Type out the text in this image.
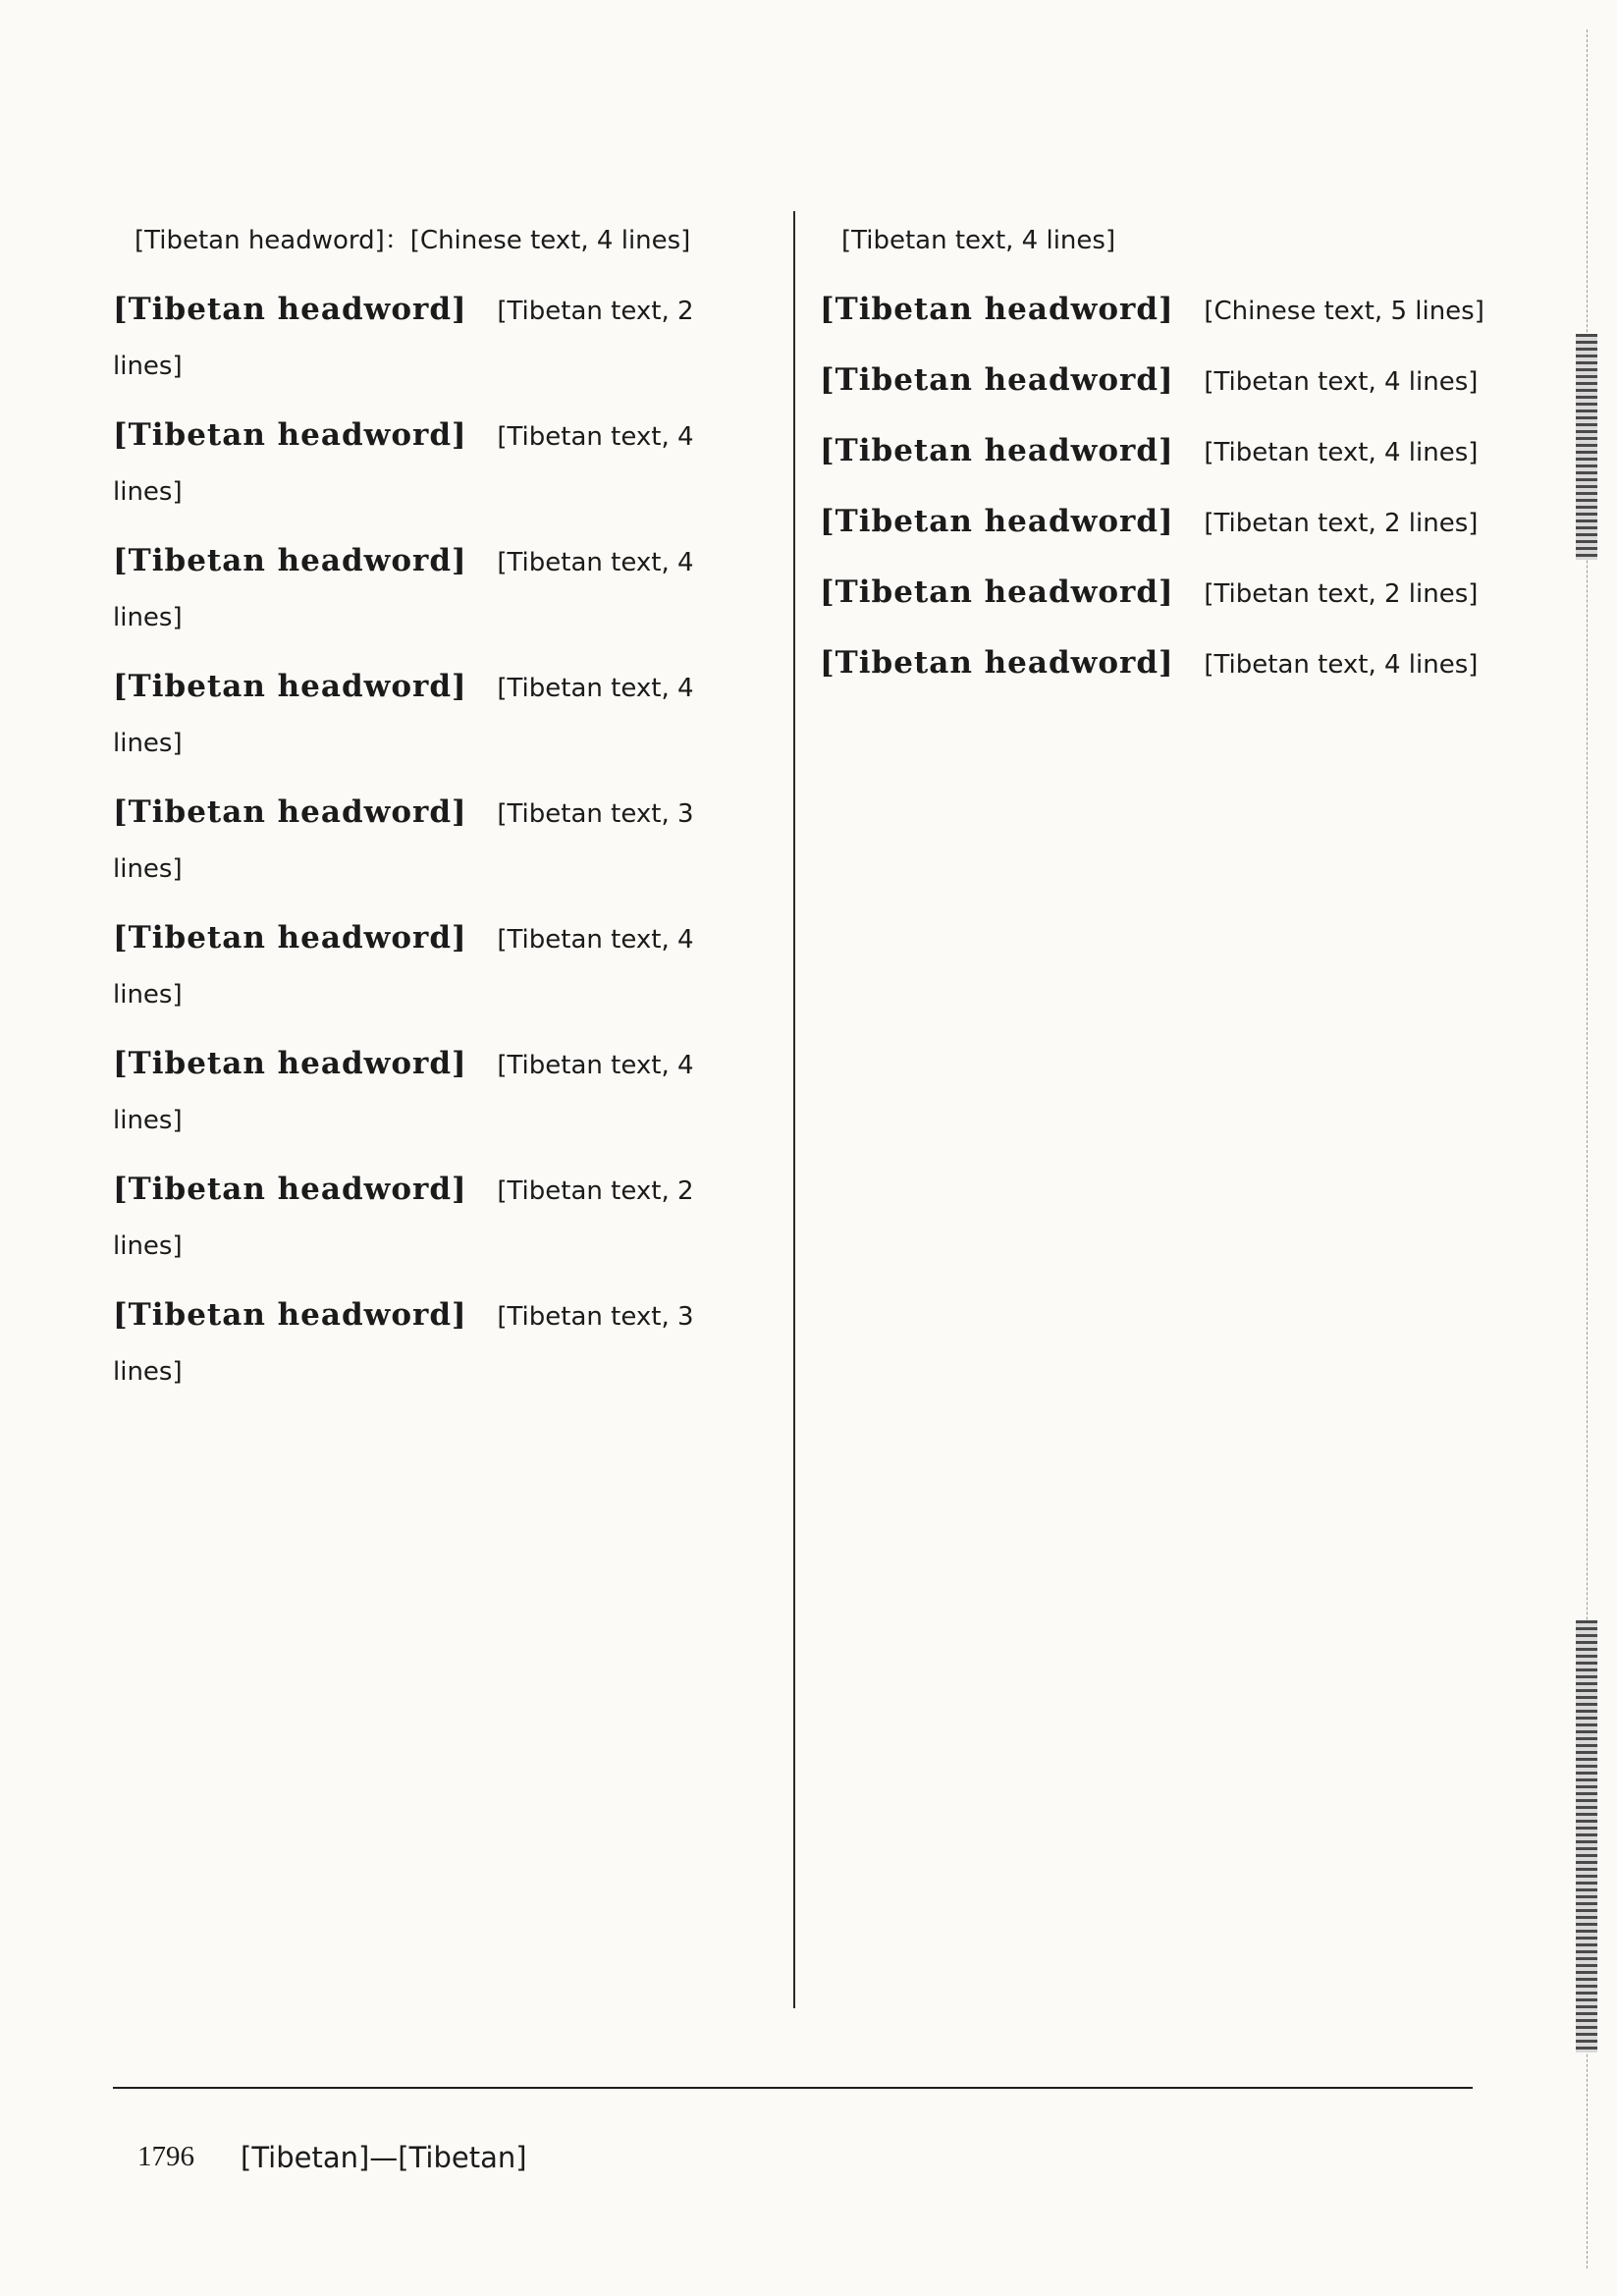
[Tibetan headword]：[Chinese text, 4 lines]
[Tibetan headword] [Tibetan text, 2 lines]
[Tibetan headword] [Tibetan text, 4 lines]
[Tibetan headword] [Tibetan text, 4 lines]
[Tibetan headword] [Tibetan text, 4 lines]
[Tibetan headword] [Tibetan text, 3 lines]
[Tibetan headword] [Tibetan text, 4 lines]
[Tibetan headword] [Tibetan text, 4 lines]
[Tibetan headword] [Tibetan text, 2 lines]
[Tibetan headword] [Tibetan text, 3 lines]
[Tibetan text, 4 lines]
[Tibetan headword] [Chinese text, 5 lines]
[Tibetan headword] [Tibetan text, 4 lines]
[Tibetan headword] [Tibetan text, 4 lines]
[Tibetan headword] [Tibetan text, 2 lines]
[Tibetan headword] [Tibetan text, 2 lines]
[Tibetan headword] [Tibetan text, 4 lines]
1796 [Tibetan]—[Tibetan]
